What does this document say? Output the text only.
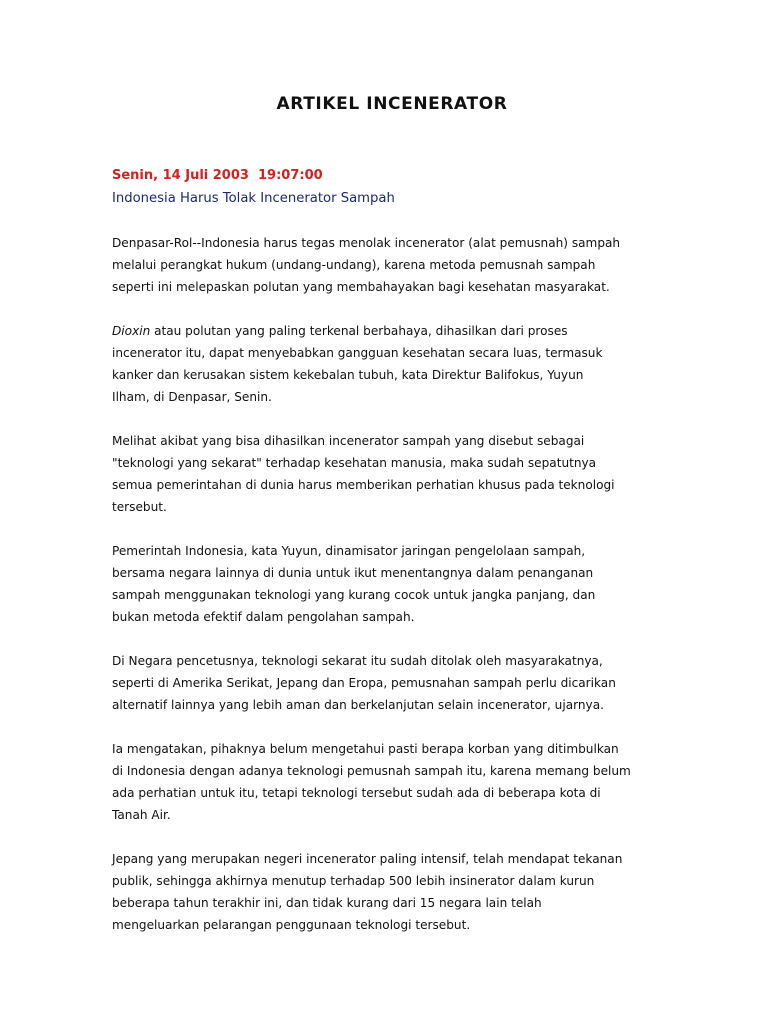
ARTIKEL INCENERATOR

Senin, 14 Juli 2003  19:07:00

Indonesia Harus Tolak Incenerator Sampah

Denpasar-Rol--Indonesia harus tegas menolak incenerator (alat pemusnah) sampah
melalui perangkat hukum (undang-undang), karena metoda pemusnah sampah
seperti ini melepaskan polutan yang membahayakan bagi kesehatan masyarakat.

Dioxin atau polutan yang paling terkenal berbahaya, dihasilkan dari proses
incenerator itu, dapat menyebabkan gangguan kesehatan secara luas, termasuk
kanker dan kerusakan sistem kekebalan tubuh, kata Direktur Balifokus, Yuyun
Ilham, di Denpasar, Senin.

Melihat akibat yang bisa dihasilkan incenerator sampah yang disebut sebagai
"teknologi yang sekarat" terhadap kesehatan manusia, maka sudah sepatutnya
semua pemerintahan di dunia harus memberikan perhatian khusus pada teknologi
tersebut.

Pemerintah Indonesia, kata Yuyun, dinamisator jaringan pengelolaan sampah,
bersama negara lainnya di dunia untuk ikut menentangnya dalam penanganan
sampah menggunakan teknologi yang kurang cocok untuk jangka panjang, dan
bukan metoda efektif dalam pengolahan sampah.

Di Negara pencetusnya, teknologi sekarat itu sudah ditolak oleh masyarakatnya,
seperti di Amerika Serikat, Jepang dan Eropa, pemusnahan sampah perlu dicarikan
alternatif lainnya yang lebih aman dan berkelanjutan selain incenerator, ujarnya.

Ia mengatakan, pihaknya belum mengetahui pasti berapa korban yang ditimbulkan
di Indonesia dengan adanya teknologi pemusnah sampah itu, karena memang belum
ada perhatian untuk itu, tetapi teknologi tersebut sudah ada di beberapa kota di
Tanah Air.

Jepang yang merupakan negeri incenerator paling intensif, telah mendapat tekanan
publik, sehingga akhirnya menutup terhadap 500 lebih insinerator dalam kurun
beberapa tahun terakhir ini, dan tidak kurang dari 15 negara lain telah
mengeluarkan pelarangan penggunaan teknologi tersebut.
